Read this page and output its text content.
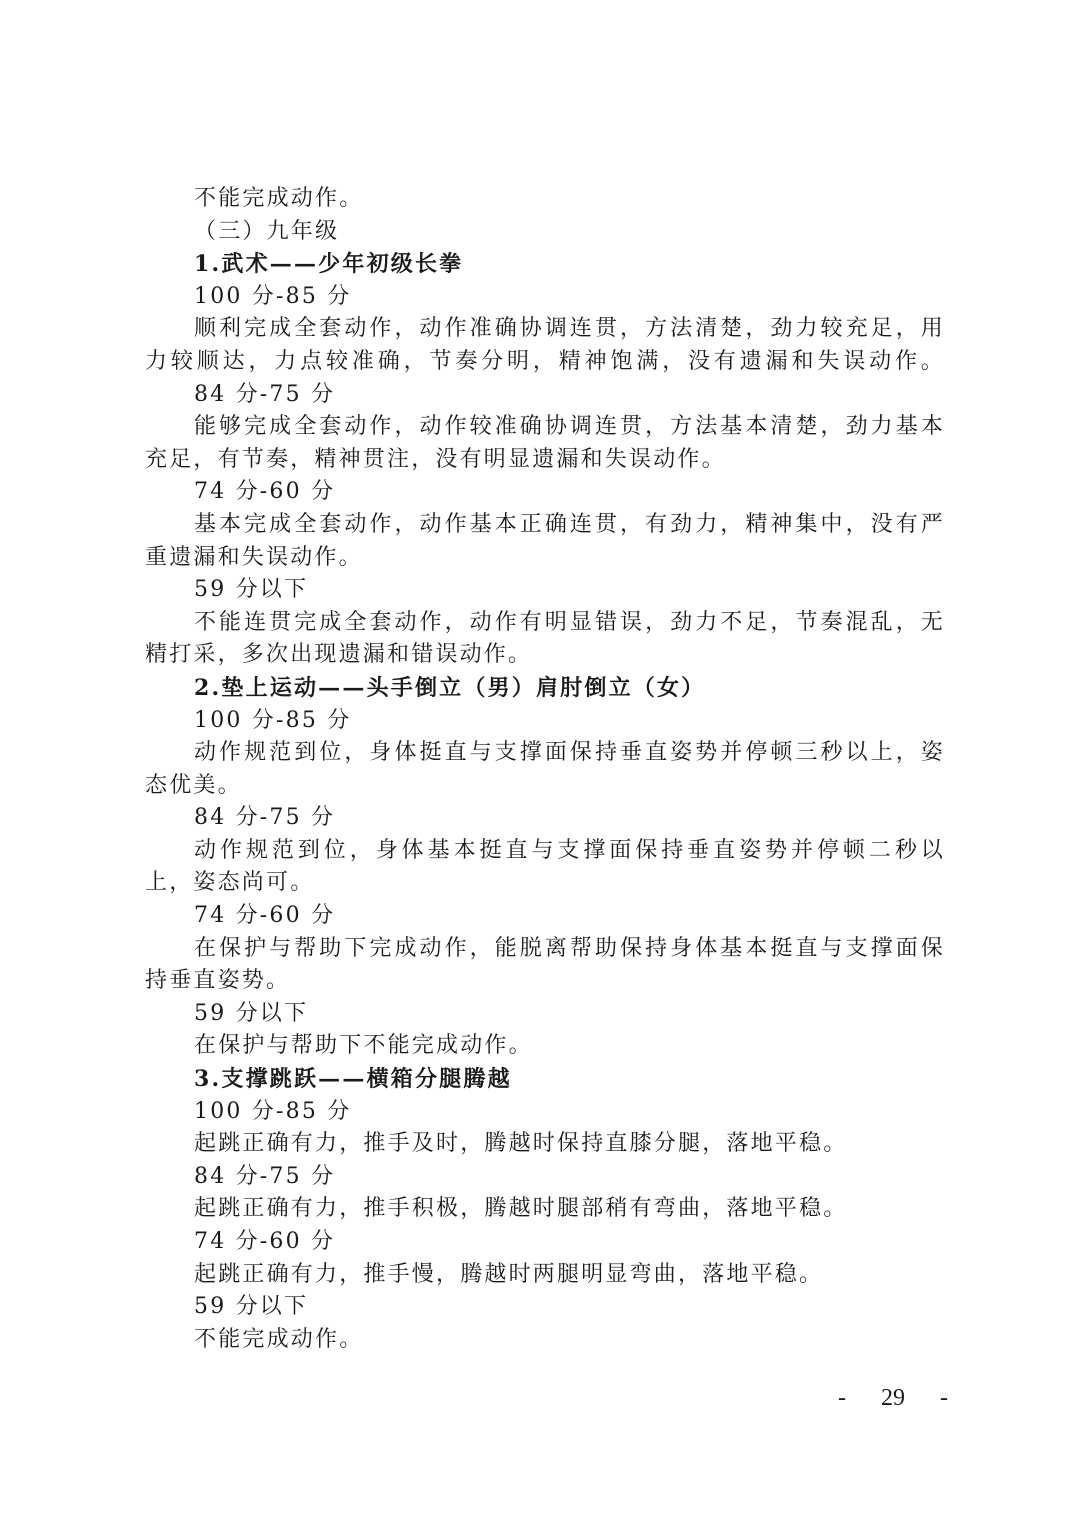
不能完成动作。
（三）九年级
1.武术——少年初级长拳
100 分-85 分
顺利完成全套动作，动作准确协调连贯，方法清楚，劲力较充足，用
力较顺达，力点较准确，节奏分明，精神饱满，没有遗漏和失误动作。
84 分-75 分
能够完成全套动作，动作较准确协调连贯，方法基本清楚，劲力基本
充足，有节奏，精神贯注，没有明显遗漏和失误动作。
74 分-60 分
基本完成全套动作，动作基本正确连贯，有劲力，精神集中，没有严
重遗漏和失误动作。
59 分以下
不能连贯完成全套动作，动作有明显错误，劲力不足，节奏混乱，无
精打采，多次出现遗漏和错误动作。
2.垫上运动——头手倒立（男）肩肘倒立（女）
100 分-85 分
动作规范到位，身体挺直与支撑面保持垂直姿势并停顿三秒以上，姿
态优美。
84 分-75 分
动作规范到位，身体基本挺直与支撑面保持垂直姿势并停顿二秒以
上，姿态尚可。
74 分-60 分
在保护与帮助下完成动作，能脱离帮助保持身体基本挺直与支撑面保
持垂直姿势。
59 分以下
在保护与帮助下不能完成动作。
3.支撑跳跃——横箱分腿腾越
100 分-85 分
起跳正确有力，推手及时，腾越时保持直膝分腿，落地平稳。
84 分-75 分
起跳正确有力，推手积极，腾越时腿部稍有弯曲，落地平稳。
74 分-60 分
起跳正确有力，推手慢，腾越时两腿明显弯曲，落地平稳。
59 分以下
不能完成动作。
- 29 -
